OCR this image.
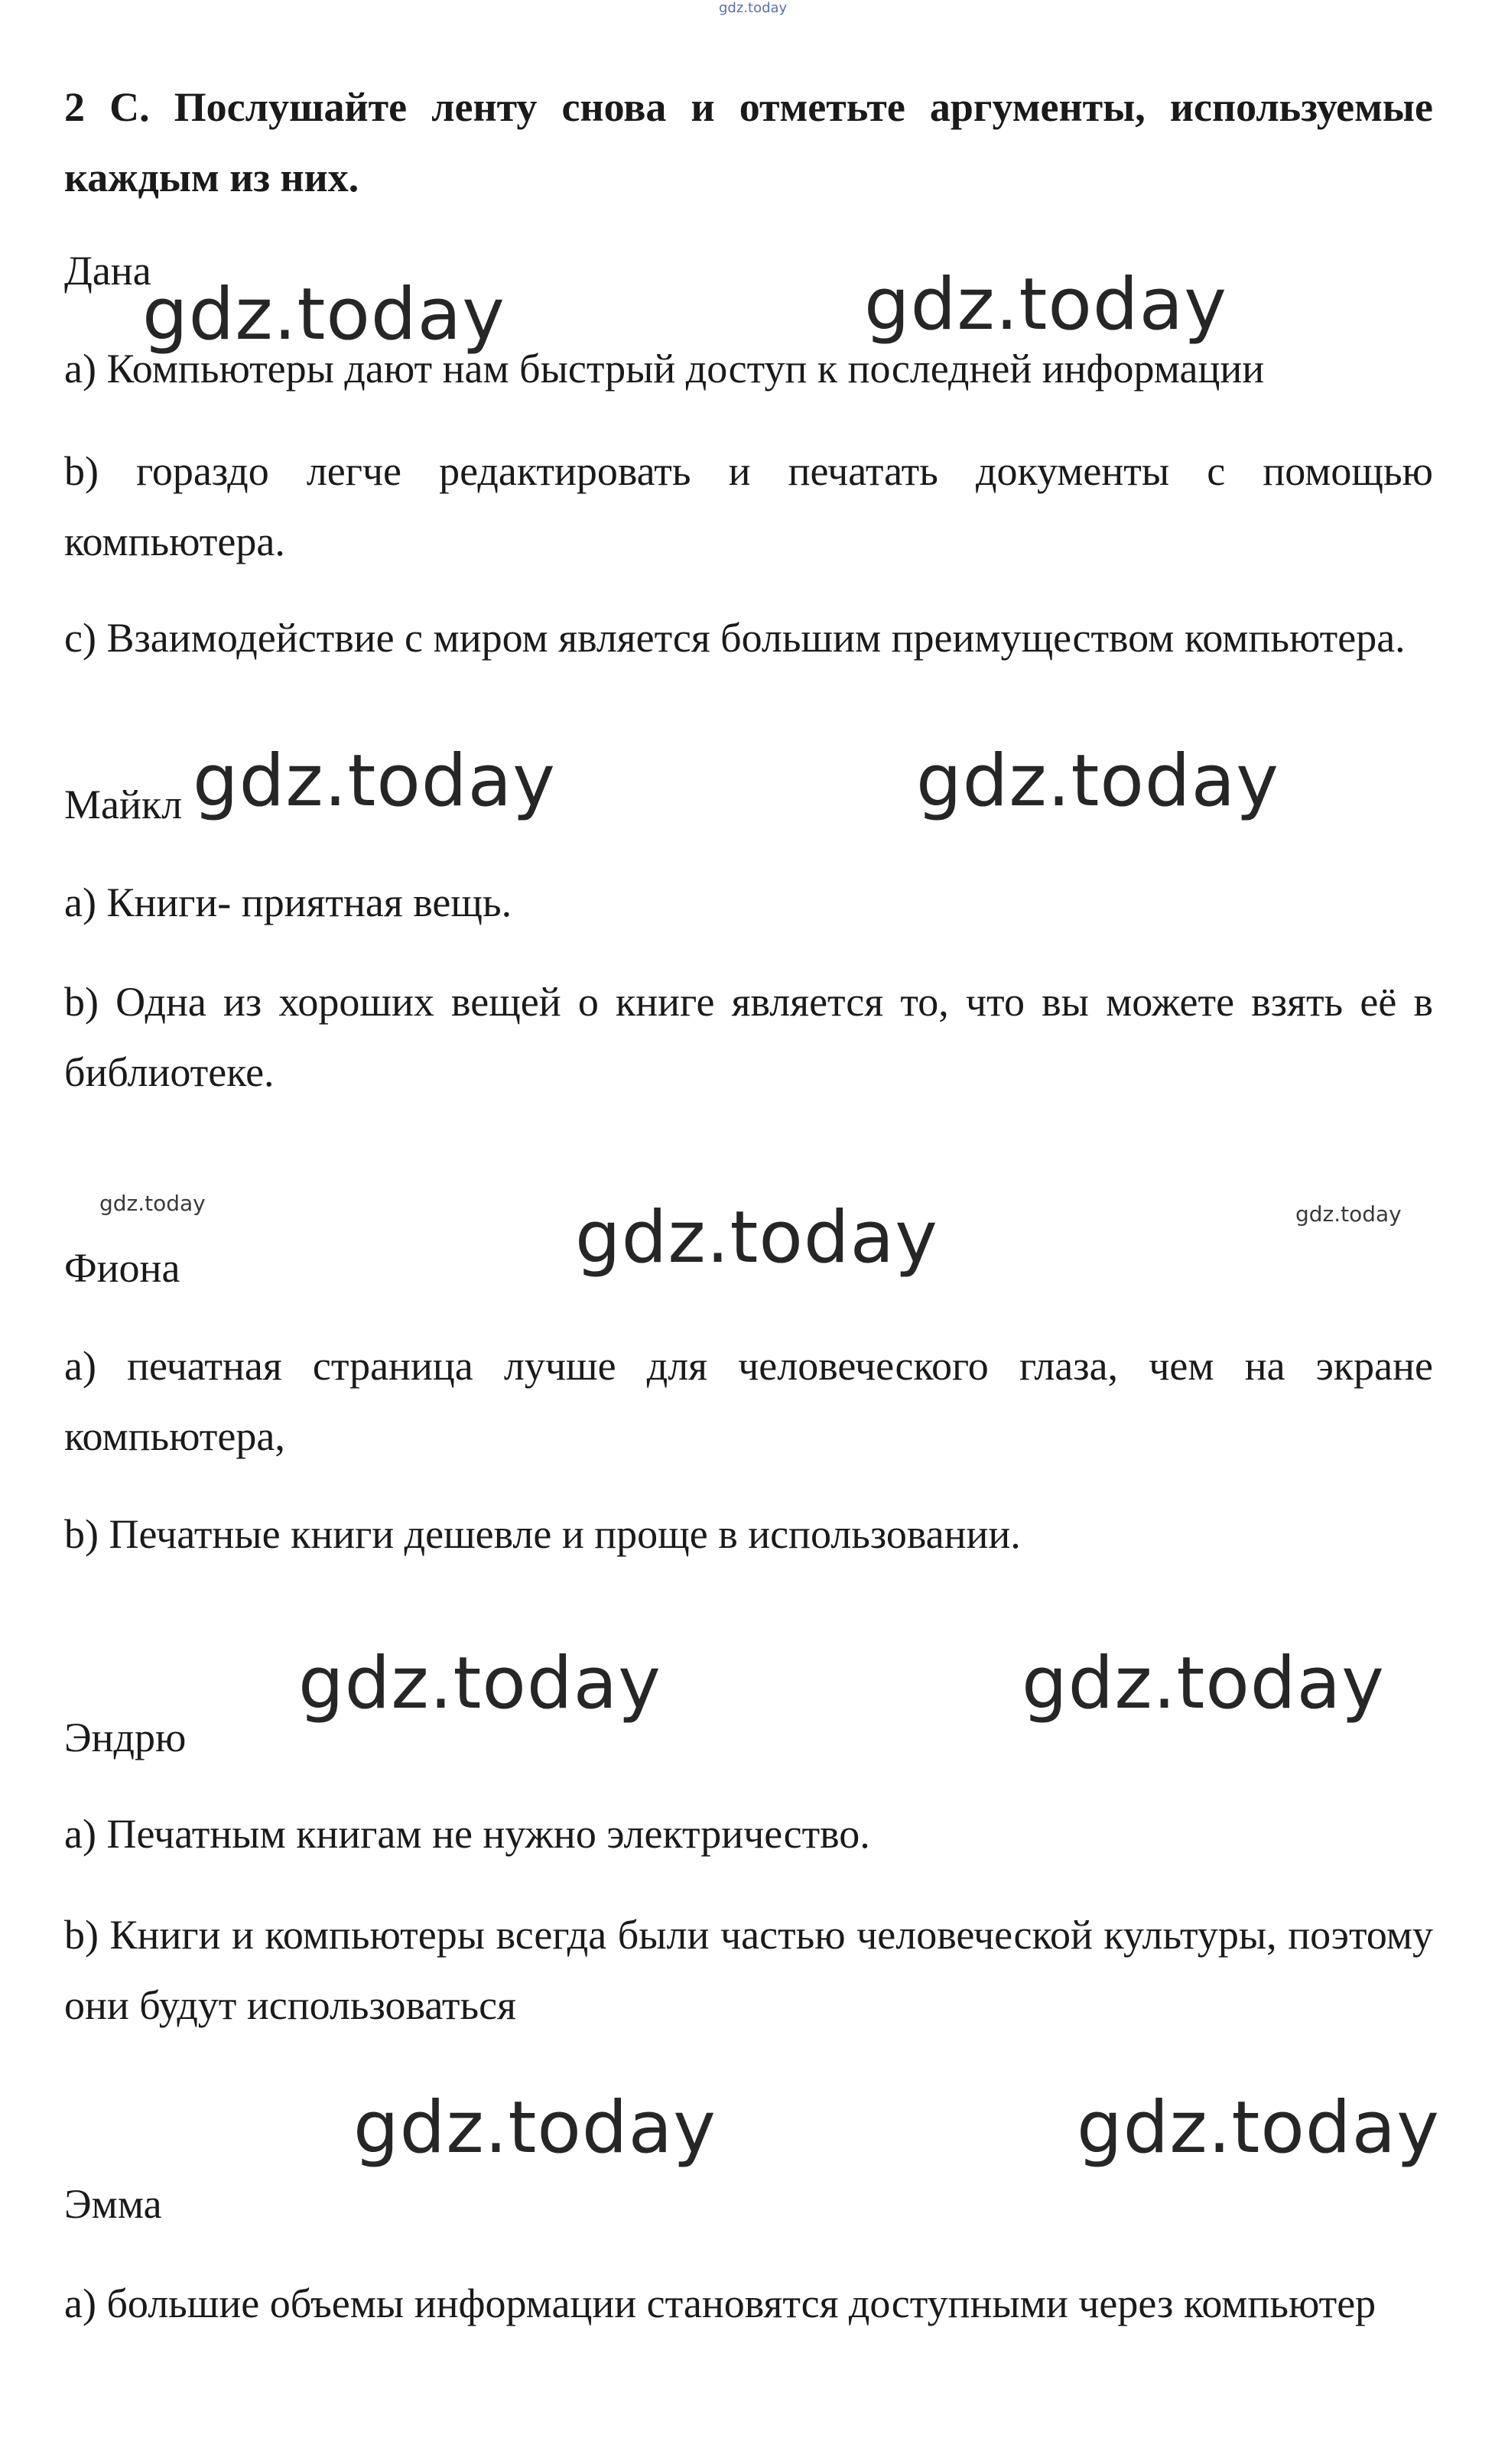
gdz.today

2 С. Послушайте ленту снова и отметьте аргументы, используемые каждым из них.

Дана

gdz.today	gdz.today

a) Компьютеры дают нам быстрый доступ к последней информации

b) гораздо легче редактировать и печатать документы с помощью компьютера.

c) Взаимодействие с миром является большим преимуществом компьютера.

Майкл gdz.today	gdz.today

a) Книги- приятная вещь.

b) Одна из хороших вещей о книге является то, что вы можете взять её в библиотеке.

gdz.today	gdz.today	gdz.today

Фиона

a) печатная страница лучше для человеческого глаза, чем на экране компьютера,

b) Печатные книги дешевле и проще в использовании.

gdz.today	gdz.today

Эндрю

a) Печатным книгам не нужно электричество.

b) Книги и компьютеры всегда были частью человеческой культуры, поэтому они будут использоваться

gdz.today	gdz.today

Эмма

a) большие объемы информации становятся доступными через компьютер
